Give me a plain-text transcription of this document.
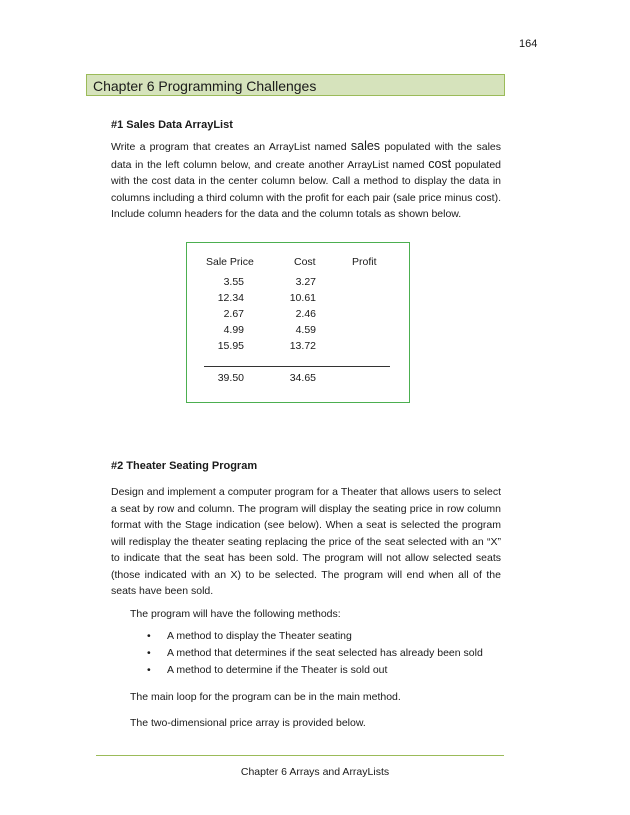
164
Chapter 6 Programming Challenges
#1 Sales Data ArrayList
Write a program that creates an ArrayList named sales populated with the sales data in the left column below, and create another ArrayList named cost populated with the cost data in the center column below. Call a method to display the data in columns including a third column with the profit for each pair (sale price minus cost). Include column headers for the data and the column totals as shown below.
Sale Price	Cost	Profit
3.55	3.27
12.34	10.61
2.67	2.46
4.99	4.59
15.95	13.72
39.50	34.65
#2 Theater Seating Program
Design and implement a computer program for a Theater that allows users to select a seat by row and column. The program will display the seating price in row column format with the Stage indication (see below). When a seat is selected the program will redisplay the theater seating replacing the price of the seat selected with an “X” to indicate that the seat has been sold. The program will not allow selected seats (those indicated with an X) to be selected. The program will end when all of the seats have been sold.
The program will have the following methods:
• A method to display the Theater seating
• A method that determines if the seat selected has already been sold
• A method to determine if the Theater is sold out
The main loop for the program can be in the main method.
The two-dimensional price array is provided below.
Chapter 6 Arrays and ArrayLists
